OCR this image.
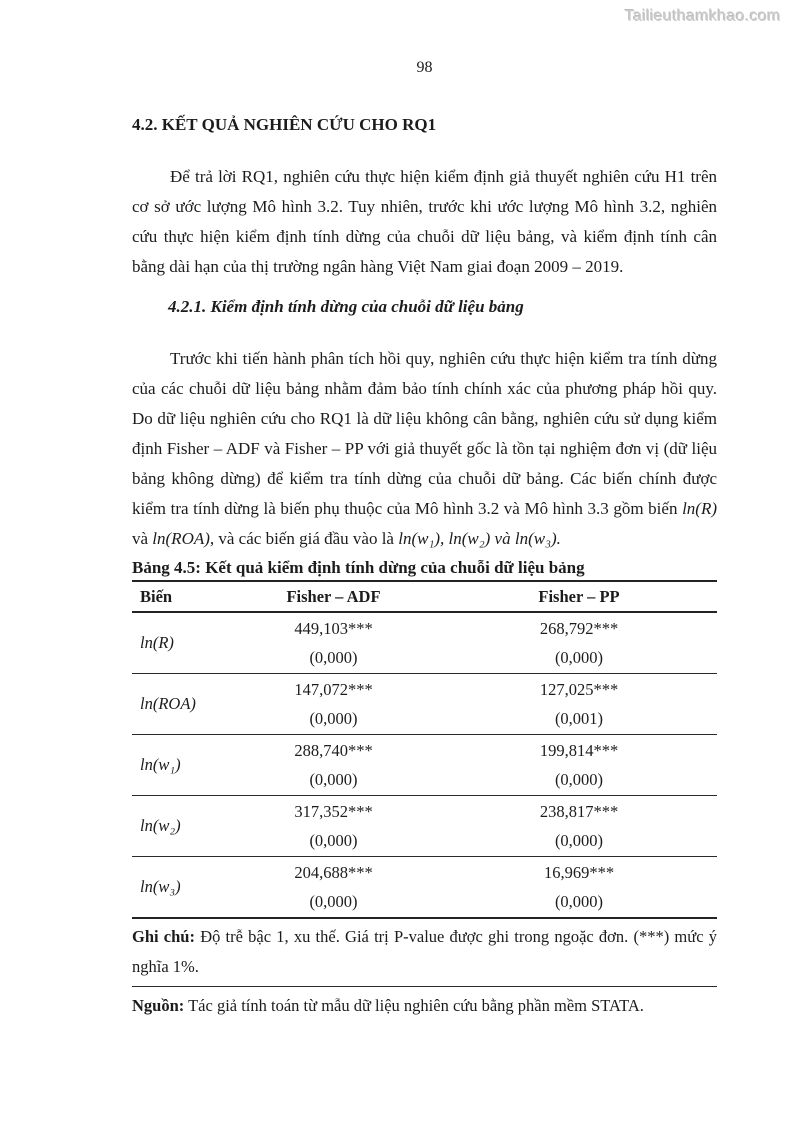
Tailieuthamkhao.com
98
4.2. KẾT QUẢ NGHIÊN CỨU CHO RQ1

Để trả lời RQ1, nghiên cứu thực hiện kiểm định giả thuyết nghiên cứu H1 trên cơ sở ước lượng Mô hình 3.2. Tuy nhiên, trước khi ước lượng Mô hình 3.2, nghiên cứu thực hiện kiểm định tính dừng của chuỗi dữ liệu bảng, và kiểm định tính cân bằng dài hạn của thị trường ngân hàng Việt Nam giai đoạn 2009 – 2019.

4.2.1. Kiểm định tính dừng của chuỗi dữ liệu bảng

Trước khi tiến hành phân tích hồi quy, nghiên cứu thực hiện kiểm tra tính dừng của các chuỗi dữ liệu bảng nhằm đảm bảo tính chính xác của phương pháp hồi quy. Do dữ liệu nghiên cứu cho RQ1 là dữ liệu không cân bằng, nghiên cứu sử dụng kiểm định Fisher – ADF và Fisher – PP với giả thuyết gốc là tồn tại nghiệm đơn vị (dữ liệu bảng không dừng) để kiểm tra tính dừng của chuỗi dữ bảng. Các biến chính được kiểm tra tính dừng là biến phụ thuộc của Mô hình 3.2 và Mô hình 3.3 gồm biến ln(R) và ln(ROA), và các biến giá đầu vào là ln(w₁), ln(w₂) và ln(w₃).

Bảng 4.5: Kết quả kiểm định tính dừng của chuỗi dữ liệu bảng
Biến	Fisher – ADF	Fisher – PP
ln(R)
449,103***
(0,000)
268,792***
(0,000)
ln(ROA)
147,072***
(0,000)
127,025***
(0,001)
ln(w₁)
288,740***
(0,000)
199,814***
(0,000)
ln(w₂)
317,352***
(0,000)
238,817***
(0,000)
ln(w₃)
204,688***
(0,000)
16,969***
(0,000)
Ghi chú: Độ trễ bậc 1, xu thế. Giá trị P-value được ghi trong ngoặc đơn. (***) mức ý nghĩa 1%.
Nguồn: Tác giả tính toán từ mẫu dữ liệu nghiên cứu bằng phần mềm STATA.
